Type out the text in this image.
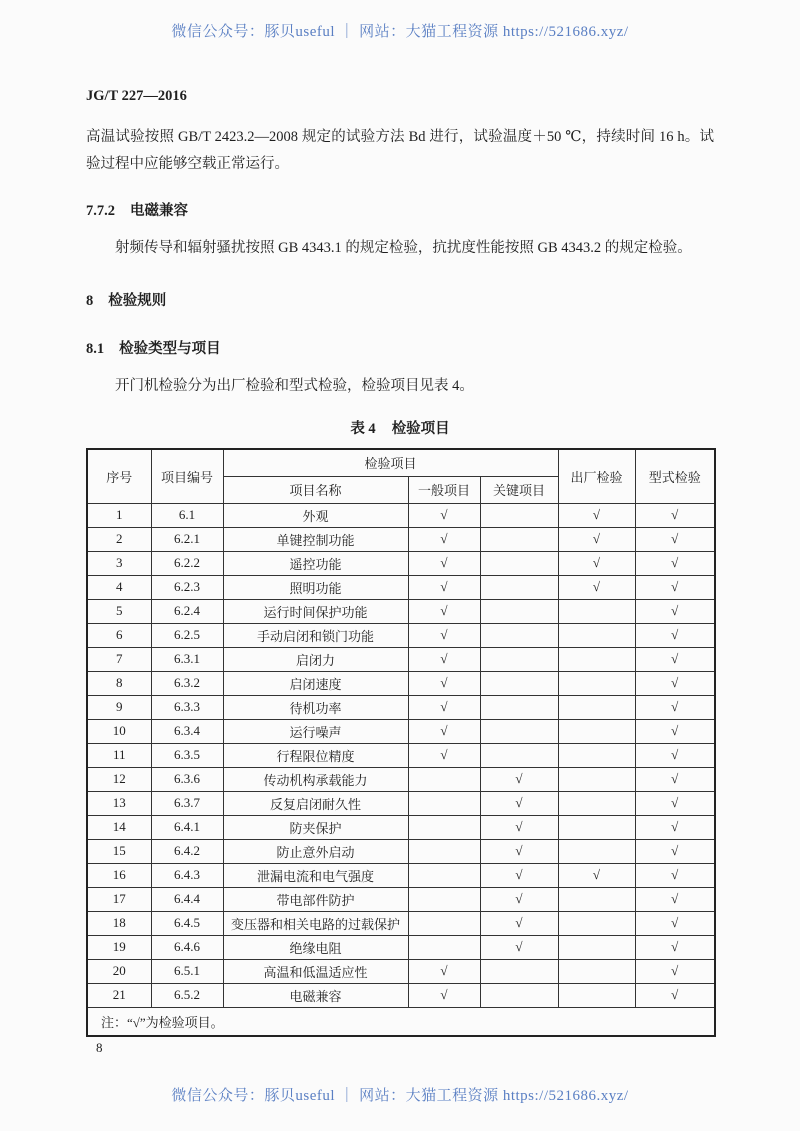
微信公众号：豚贝useful ｜ 网站：大猫工程资源 https://521686.xyz/
JG/T 227—2016

高温试验按照 GB/T 2423.2—2008 规定的试验方法 Bd 进行，试验温度＋50 ℃，持续时间 16 h。试验过程中应能够空载正常运行。

7.7.2 电磁兼容

射频传导和辐射骚扰按照 GB 4343.1 的规定检验，抗扰度性能按照 GB 4343.2 的规定检验。

8 检验规则
8.1 检验类型与项目

开门机检验分为出厂检验和型式检验，检验项目见表 4。

表 4 检验项目
序号	项目编号	检验项目			出厂检验	型式检验
		项目名称	一般项目	关键项目		
1	6.1	外观	√		√	√
2	6.2.1	单键控制功能	√		√	√
3	6.2.2	遥控功能	√		√	√
4	6.2.3	照明功能	√		√	√
5	6.2.4	运行时间保护功能	√			√
6	6.2.5	手动启闭和锁门功能	√			√
7	6.3.1	启闭力	√			√
8	6.3.2	启闭速度	√			√
9	6.3.3	待机功率	√			√
10	6.3.4	运行噪声	√			√
11	6.3.5	行程限位精度	√			√
12	6.3.6	传动机构承载能力		√		√
13	6.3.7	反复启闭耐久性		√		√
14	6.4.1	防夹保护		√		√
15	6.4.2	防止意外启动		√		√
16	6.4.3	泄漏电流和电气强度		√	√	√
17	6.4.4	带电部件防护		√		√
18	6.4.5	变压器和相关电路的过载保护		√		√
19	6.4.6	绝缘电阻		√		√
20	6.5.1	高温和低温适应性	√			√
21	6.5.2	电磁兼容	√			√
注：“√”为检验项目。						
8
微信公众号：豚贝useful ｜ 网站：大猫工程资源 https://521686.xyz/
